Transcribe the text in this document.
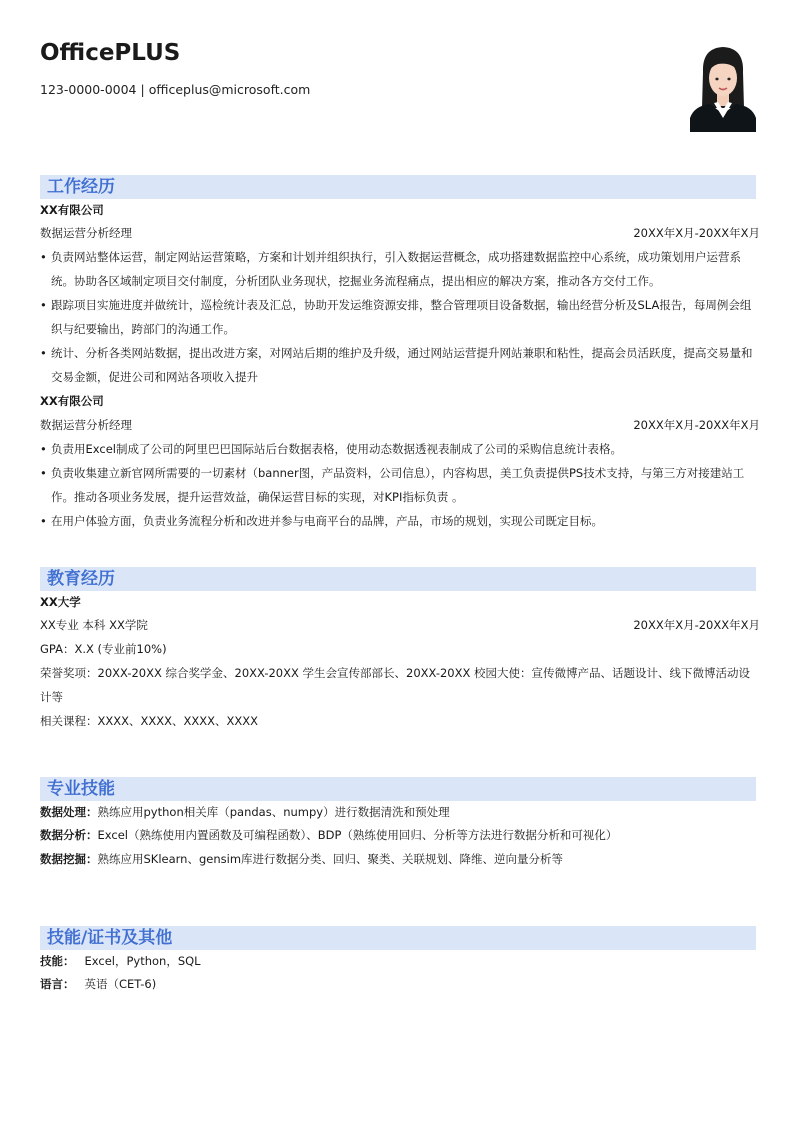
OfficePLUS
123-0000-0004 | officeplus@microsoft.com
工作经历
XX有限公司
数据运营分析经理	20XX年X月-20XX年X月
• 负责网站整体运营，制定网站运营策略，方案和计划并组织执行，引入数据运营概念，成功搭建数据监控中心系统，成功策划用户运营系统。协助各区域制定项目交付制度，分析团队业务现状，挖掘业务流程痛点，提出相应的解决方案，推动各方交付工作。
• 跟踪项目实施进度并做统计，巡检统计表及汇总，协助开发运维资源安排，整合管理项目设备数据，输出经营分析及SLA报告，每周例会组织与纪要输出，跨部门的沟通工作。
• 统计、分析各类网站数据，提出改进方案，对网站后期的维护及升级，通过网站运营提升网站兼职和粘性，提高会员活跃度，提高交易量和交易金额，促进公司和网站各项收入提升
XX有限公司
数据运营分析经理	20XX年X月-20XX年X月
• 负责用Excel制成了公司的阿里巴巴国际站后台数据表格，使用动态数据透视表制成了公司的采购信息统计表格。
• 负责收集建立新官网所需要的一切素材（banner图，产品资料，公司信息），内容构思，美工负责提供PS技术支持，与第三方对接建站工作。推动各项业务发展，提升运营效益，确保运营目标的实现，对KPI指标负责 。
• 在用户体验方面，负责业务流程分析和改进并参与电商平台的品牌，产品，市场的规划，实现公司既定目标。
教育经历
XX大学
XX专业 本科 XX学院	20XX年X月-20XX年X月
GPA：X.X (专业前10%)
荣誉奖项：20XX-20XX 综合奖学金、20XX-20XX 学生会宣传部部长、20XX-20XX 校园大使：宣传微博产品、话题设计、线下微博活动设计等
相关课程：XXXX、XXXX、XXXX、XXXX
专业技能
数据处理：熟练应用python相关库（pandas、numpy）进行数据清洗和预处理
数据分析：Excel（熟练使用内置函数及可编程函数）、BDP（熟练使用回归、分析等方法进行数据分析和可视化）
数据挖掘：熟练应用SKlearn、gensim库进行数据分类、回归、聚类、关联规划、降维、逆向量分析等
技能/证书及其他
技能： Excel，Python，SQL
语言： 英语（CET-6)
